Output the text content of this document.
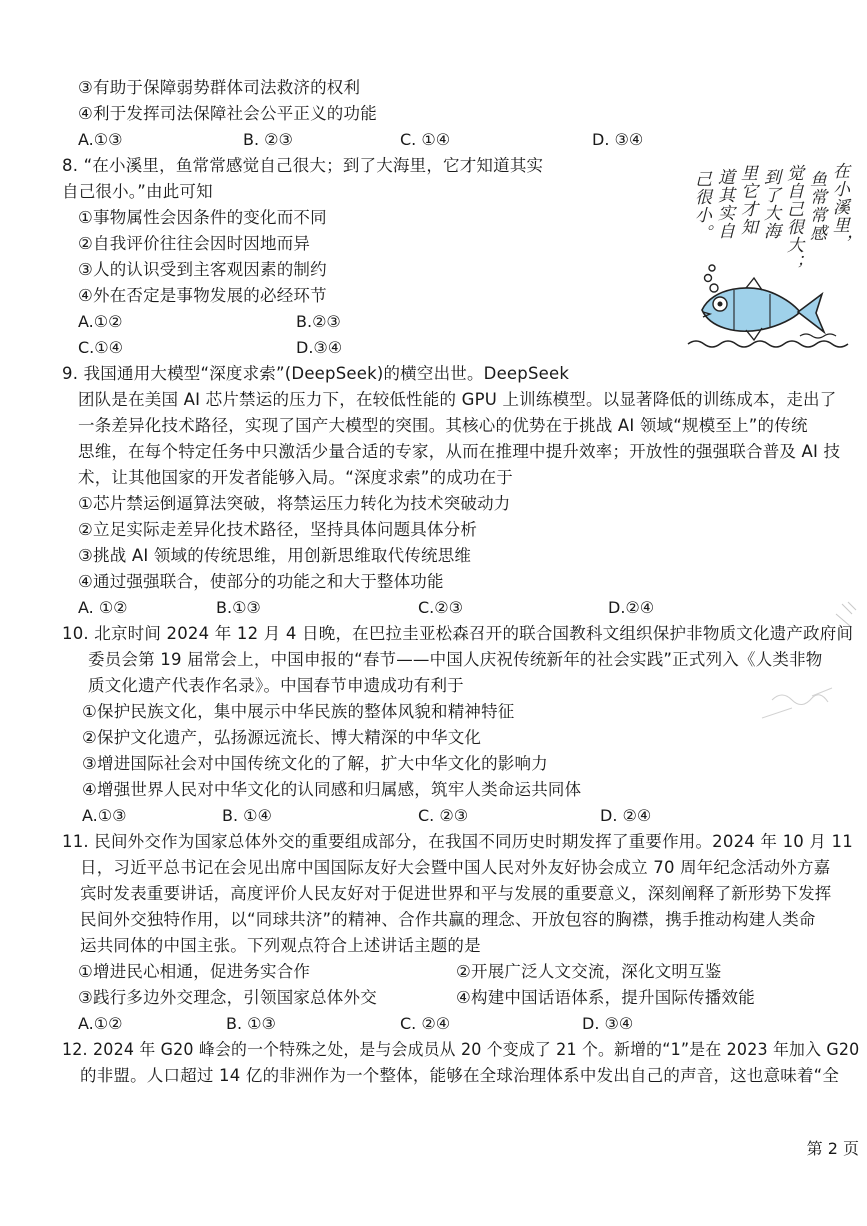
③有助于保障弱势群体司法救济的权利
④利于发挥司法保障社会公平正义的功能
A.①③	B. ②③	C. ①④	D. ③④
8. “在小溪里，鱼常常感觉自己很大；到了大海里，它才知道其实
自己很小。”由此可知
①事物属性会因条件的变化而不同
②自我评价往往会因时因地而异
③人的认识受到主客观因素的制约
④外在否定是事物发展的必经环节
A.①②	B.②③
C.①④	D.③④
在小溪里，
鱼常常感
觉自己很大；
到了大海
里它才知
道其实自
己很小。
9. 我国通用大模型“深度求索”(DeepSeek)的横空出世。DeepSeek
团队是在美国 AI 芯片禁运的压力下，在较低性能的 GPU 上训练模型。以显著降低的训练成本，走出了
一条差异化技术路径，实现了国产大模型的突围。其核心的优势在于挑战 AI 领域“规模至上”的传统
思维，在每个特定任务中只激活少量合适的专家，从而在推理中提升效率；开放性的强强联合普及 AI 技
术，让其他国家的开发者能够入局。“深度求索”的成功在于
①芯片禁运倒逼算法突破，将禁运压力转化为技术突破动力
②立足实际走差异化技术路径，坚持具体问题具体分析
③挑战 AI 领域的传统思维，用创新思维取代传统思维
④通过强强联合，使部分的功能之和大于整体功能
A. ①②	B.①③	C.②③	D.②④
10. 北京时间 2024 年 12 月 4 日晚，在巴拉圭亚松森召开的联合国教科文组织保护非物质文化遗产政府间
委员会第 19 届常会上，中国申报的“春节——中国人庆祝传统新年的社会实践”正式列入《人类非物
质文化遗产代表作名录》。中国春节申遗成功有利于
①保护民族文化，集中展示中华民族的整体风貌和精神特征
②保护文化遗产，弘扬源远流长、博大精深的中华文化
③增进国际社会对中国传统文化的了解，扩大中华文化的影响力
④增强世界人民对中华文化的认同感和归属感，筑牢人类命运共同体
A.①③	B. ①④	C. ②③	D. ②④
11. 民间外交作为国家总体外交的重要组成部分，在我国不同历史时期发挥了重要作用。2024 年 10 月 11
日，习近平总书记在会见出席中国国际友好大会暨中国人民对外友好协会成立 70 周年纪念活动外方嘉
宾时发表重要讲话，高度评价人民友好对于促进世界和平与发展的重要意义，深刻阐释了新形势下发挥
民间外交独特作用，以“同球共济”的精神、合作共赢的理念、开放包容的胸襟，携手推动构建人类命
运共同体的中国主张。下列观点符合上述讲话主题的是
①增进民心相通，促进务实合作	②开展广泛人文交流，深化文明互鉴
③践行多边外交理念，引领国家总体外交	④构建中国话语体系，提升国际传播效能
A.①②	B. ①③	C. ②④	D. ③④
12. 2024 年 G20 峰会的一个特殊之处，是与会成员从 20 个变成了 21 个。新增的“1”是在 2023 年加入 G20
的非盟。人口超过 14 亿的非洲作为一个整体，能够在全球治理体系中发出自己的声音，这也意味着“全
第 2 页
